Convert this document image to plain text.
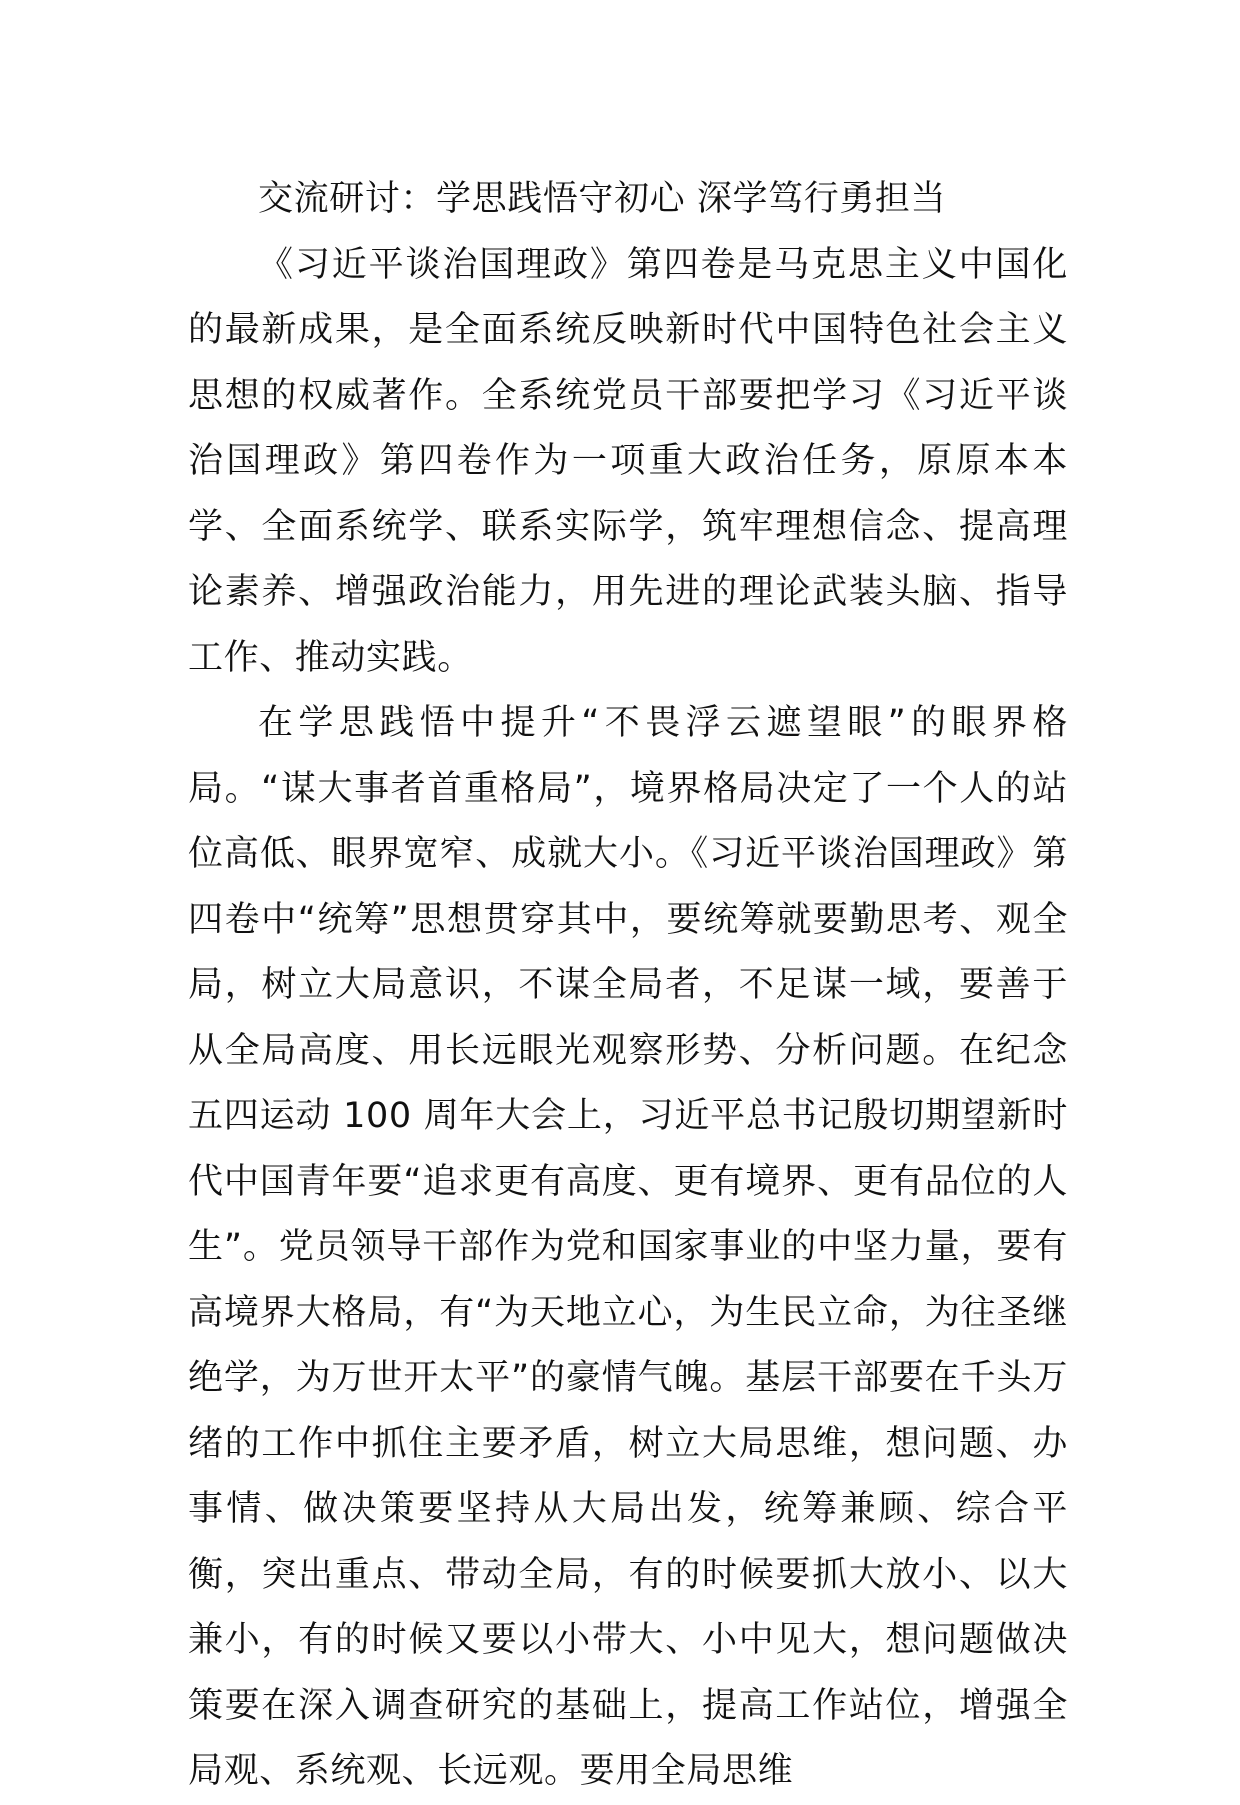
交流研讨：学思践悟守初心 深学笃行勇担当

《习近平谈治国理政》第四卷是马克思主义中国化的最新成果，是全面系统反映新时代中国特色社会主义思想的权威著作。全系统党员干部要把学习《习近平谈治国理政》第四卷作为一项重大政治任务，原原本本学、全面系统学、联系实际学，筑牢理想信念、提高理论素养、增强政治能力，用先进的理论武装头脑、指导工作、推动实践。

在学思践悟中提升“不畏浮云遮望眼”的眼界格局。“谋大事者首重格局”，境界格局决定了一个人的站位高低、眼界宽窄、成就大小。《习近平谈治国理政》第四卷中“统筹”思想贯穿其中，要统筹就要勤思考、观全局，树立大局意识，不谋全局者，不足谋一域，要善于从全局高度、用长远眼光观察形势、分析问题。在纪念五四运动 100 周年大会上，习近平总书记殷切期望新时代中国青年要“追求更有高度、更有境界、更有品位的人生”。党员领导干部作为党和国家事业的中坚力量，要有高境界大格局，有“为天地立心，为生民立命，为往圣继绝学，为万世开太平”的豪情气魄。基层干部要在千头万绪的工作中抓住主要矛盾，树立大局思维，想问题、办事情、做决策要坚持从大局出发，统筹兼顾、综合平衡，突出重点、带动全局，有的时候要抓大放小、以大兼小，有的时候又要以小带大、小中见大，想问题做决策要在深入调查研究的基础上，提高工作站位，增强全局观、系统观、长远观。要用全局思维
